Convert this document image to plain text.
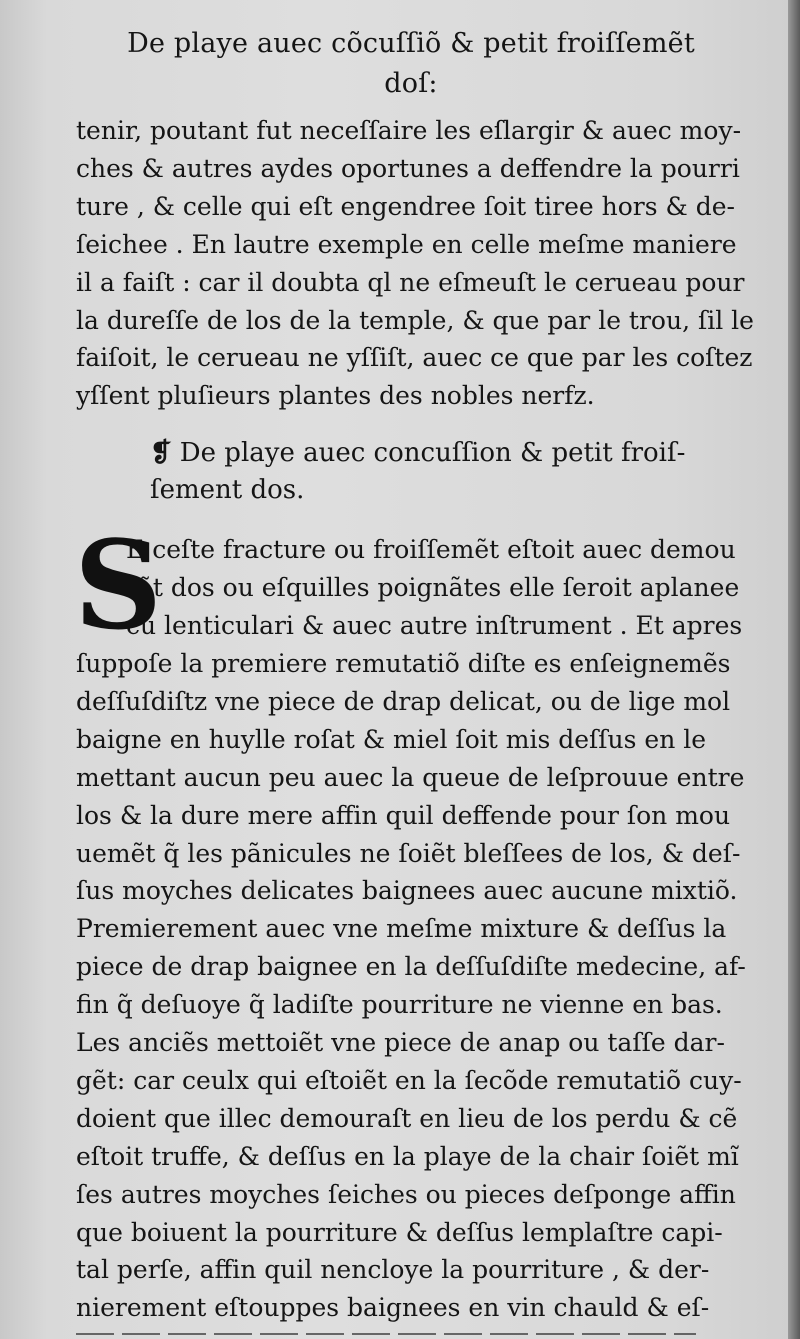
De playe auec cõcuſſiõ & petit froiſſemẽt doſ:
tenir, poutant fut neceſſaire les eſlargir & auec moy-
ches & autres aydes oportunes a deffendre la pourri
ture , & celle qui eſt engendree ſoit tiree hors & de-
ſeichee . En lautre exemple en celle meſme maniere
il a faiſt : car il doubta ql ne eſmeuſt le cerueau pour
la dureſſe de los de la temple, & que par le trou, ſil le
faiſoit, le cerueau ne yſſiſt, auec ce que par les coſtez
yſſent pluſieurs plantes des nobles nerfz.
❡ De playe auec concuſſion & petit froiſ-
ſement dos.
S
E ceſte fracture ou froiſſemẽt eſtoit auec demou
rãt dos ou eſquilles poignãtes elle ſeroit aplanee
cũ lenticulari & auec autre inſtrument . Et apres
ſuppoſe la premiere remutatiõ diſte es enſeignemẽs
deſſuſdiſtz vne piece de drap delicat, ou de lige mol
baigne en huylle roſat & miel ſoit mis deſſus en le
mettant aucun peu auec la queue de leſprouue entre
los & la dure mere affin quil deffende pour ſon mou
uemẽt q̃ les pãnicules ne ſoiẽt bleſſees de los, & deſ-
ſus moyches delicates baignees auec aucune mixtiõ.
Premierement auec vne meſme mixture & deſſus la
piece de drap baignee en la deſſuſdiſte medecine, af-
fin q̃ deſuoye q̃ ladiſte pourriture ne vienne en bas.
Les anciẽs mettoiẽt vne piece de anap ou taſſe dar-
gẽt: car ceulx qui eſtoiẽt en la ſecõde remutatiõ cuy-
doient que illec demouraſt en lieu de los perdu & cẽ
eſtoit truffe, & deſſus en la playe de la chair ſoiẽt mĩ
ſes autres moyches ſeiches ou pieces deſponge affin
que boiuent la pourriture & deſſus lemplaſtre capi-
tal perſe, affin quil nencloye la pourriture , & der-
nierement eſtouppes baignees en vin chauld & eſ-
